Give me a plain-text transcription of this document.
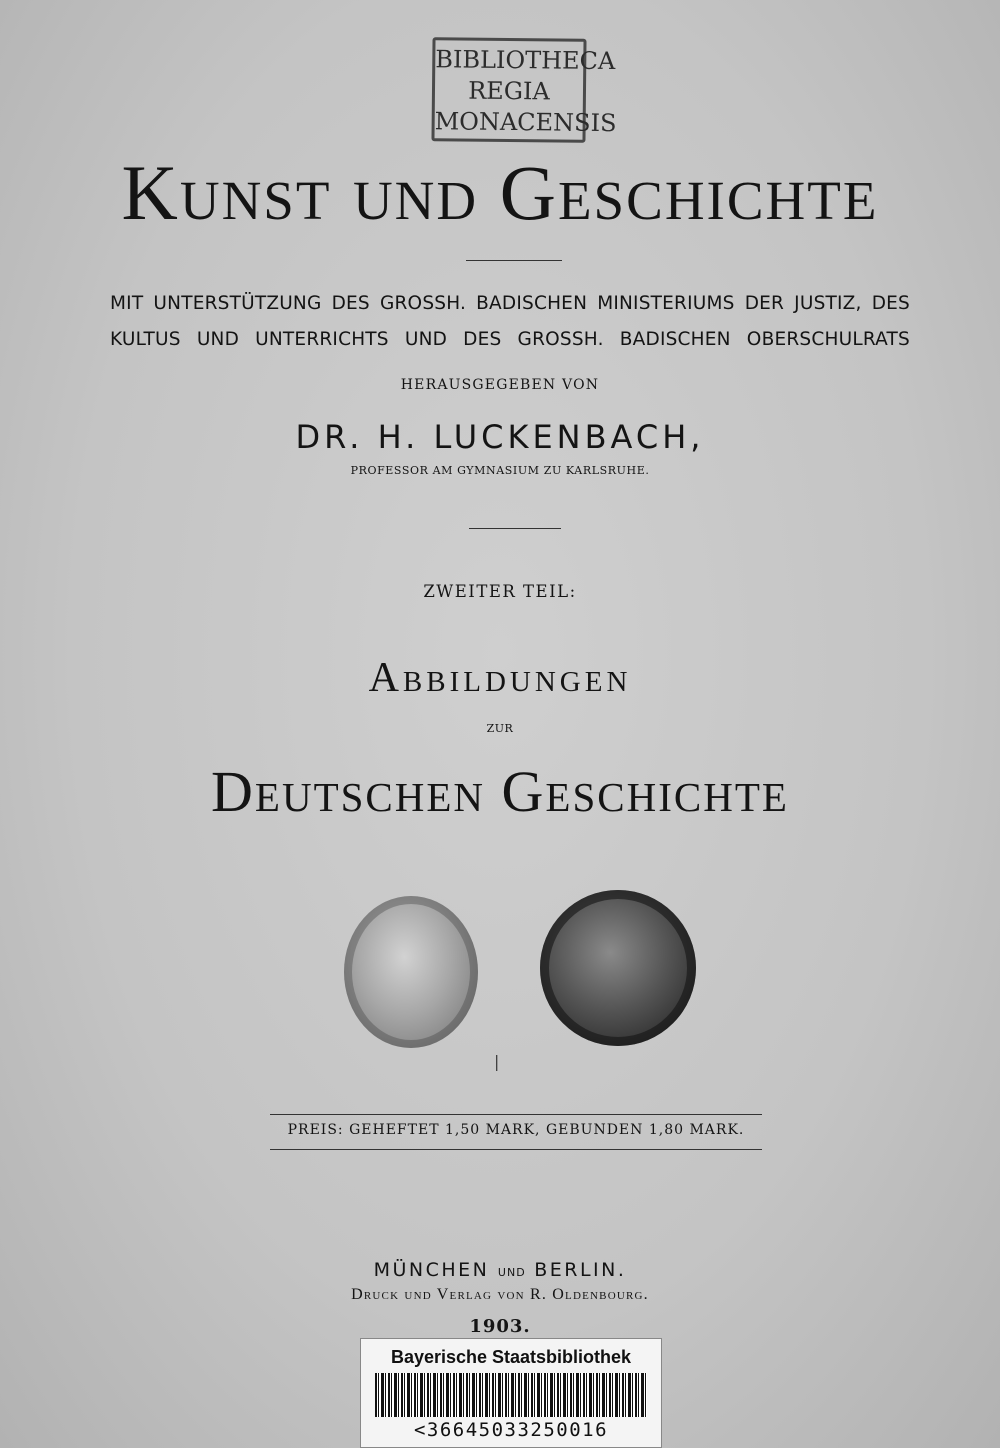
BIBLIOTHECA
REGIA
MONACENSIS
Kunst und Geschichte
MIT UNTERSTÜTZUNG DES GROSSH. BADISCHEN MINISTERIUMS DER JUSTIZ, DES
KULTUS UND UNTERRICHTS UND DES GROSSH. BADISCHEN OBERSCHULRATS
HERAUSGEGEBEN VON
DR. H. LUCKENBACH,
PROFESSOR AM GYMNASIUM ZU KARLSRUHE.
ZWEITER TEIL:
Abbildungen
ZUR
Deutschen Geschichte
|
PREIS: GEHEFTET 1,50 MARK, GEBUNDEN 1,80 MARK.
MÜNCHEN UND BERLIN.
Druck und Verlag von R. Oldenbourg.
1903.
Bayerische Staatsbibliothek
<36645033250016
